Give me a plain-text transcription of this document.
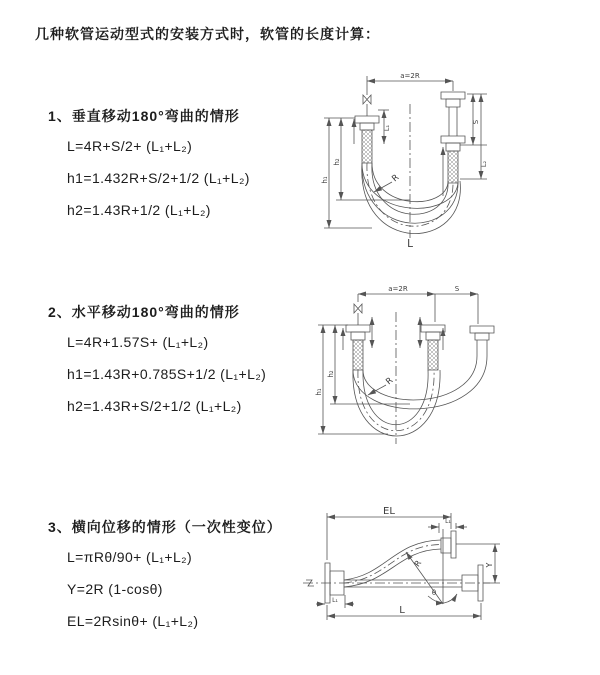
几种软管运动型式的安装方式时，软管的长度计算：
1、垂直移动180°弯曲的情形
L=4R+S/2+ (L₁+L₂)
h1=1.432R+S/2+1/2 (L₁+L₂)
h2=1.43R+1/2 (L₁+L₂)
2、水平移动180°弯曲的情形
L=4R+1.57S+ (L₁+L₂)
h1=1.43R+0.785S+1/2 (L₁+L₂)
h2=1.43R+S/2+1/2 (L₁+L₂)
3、横向位移的情形（一次性变位）
L=πRθ/90+ (L₁+L₂)
Y=2R (1-cosθ)
EL=2Rsinθ+ (L₁+L₂)
a=2R
S
L₂
L₁
h₁
h₂
R
L
a=2R	S
h₁
h₂
R
EL
L₁
Y
R
θ
L₁
L
